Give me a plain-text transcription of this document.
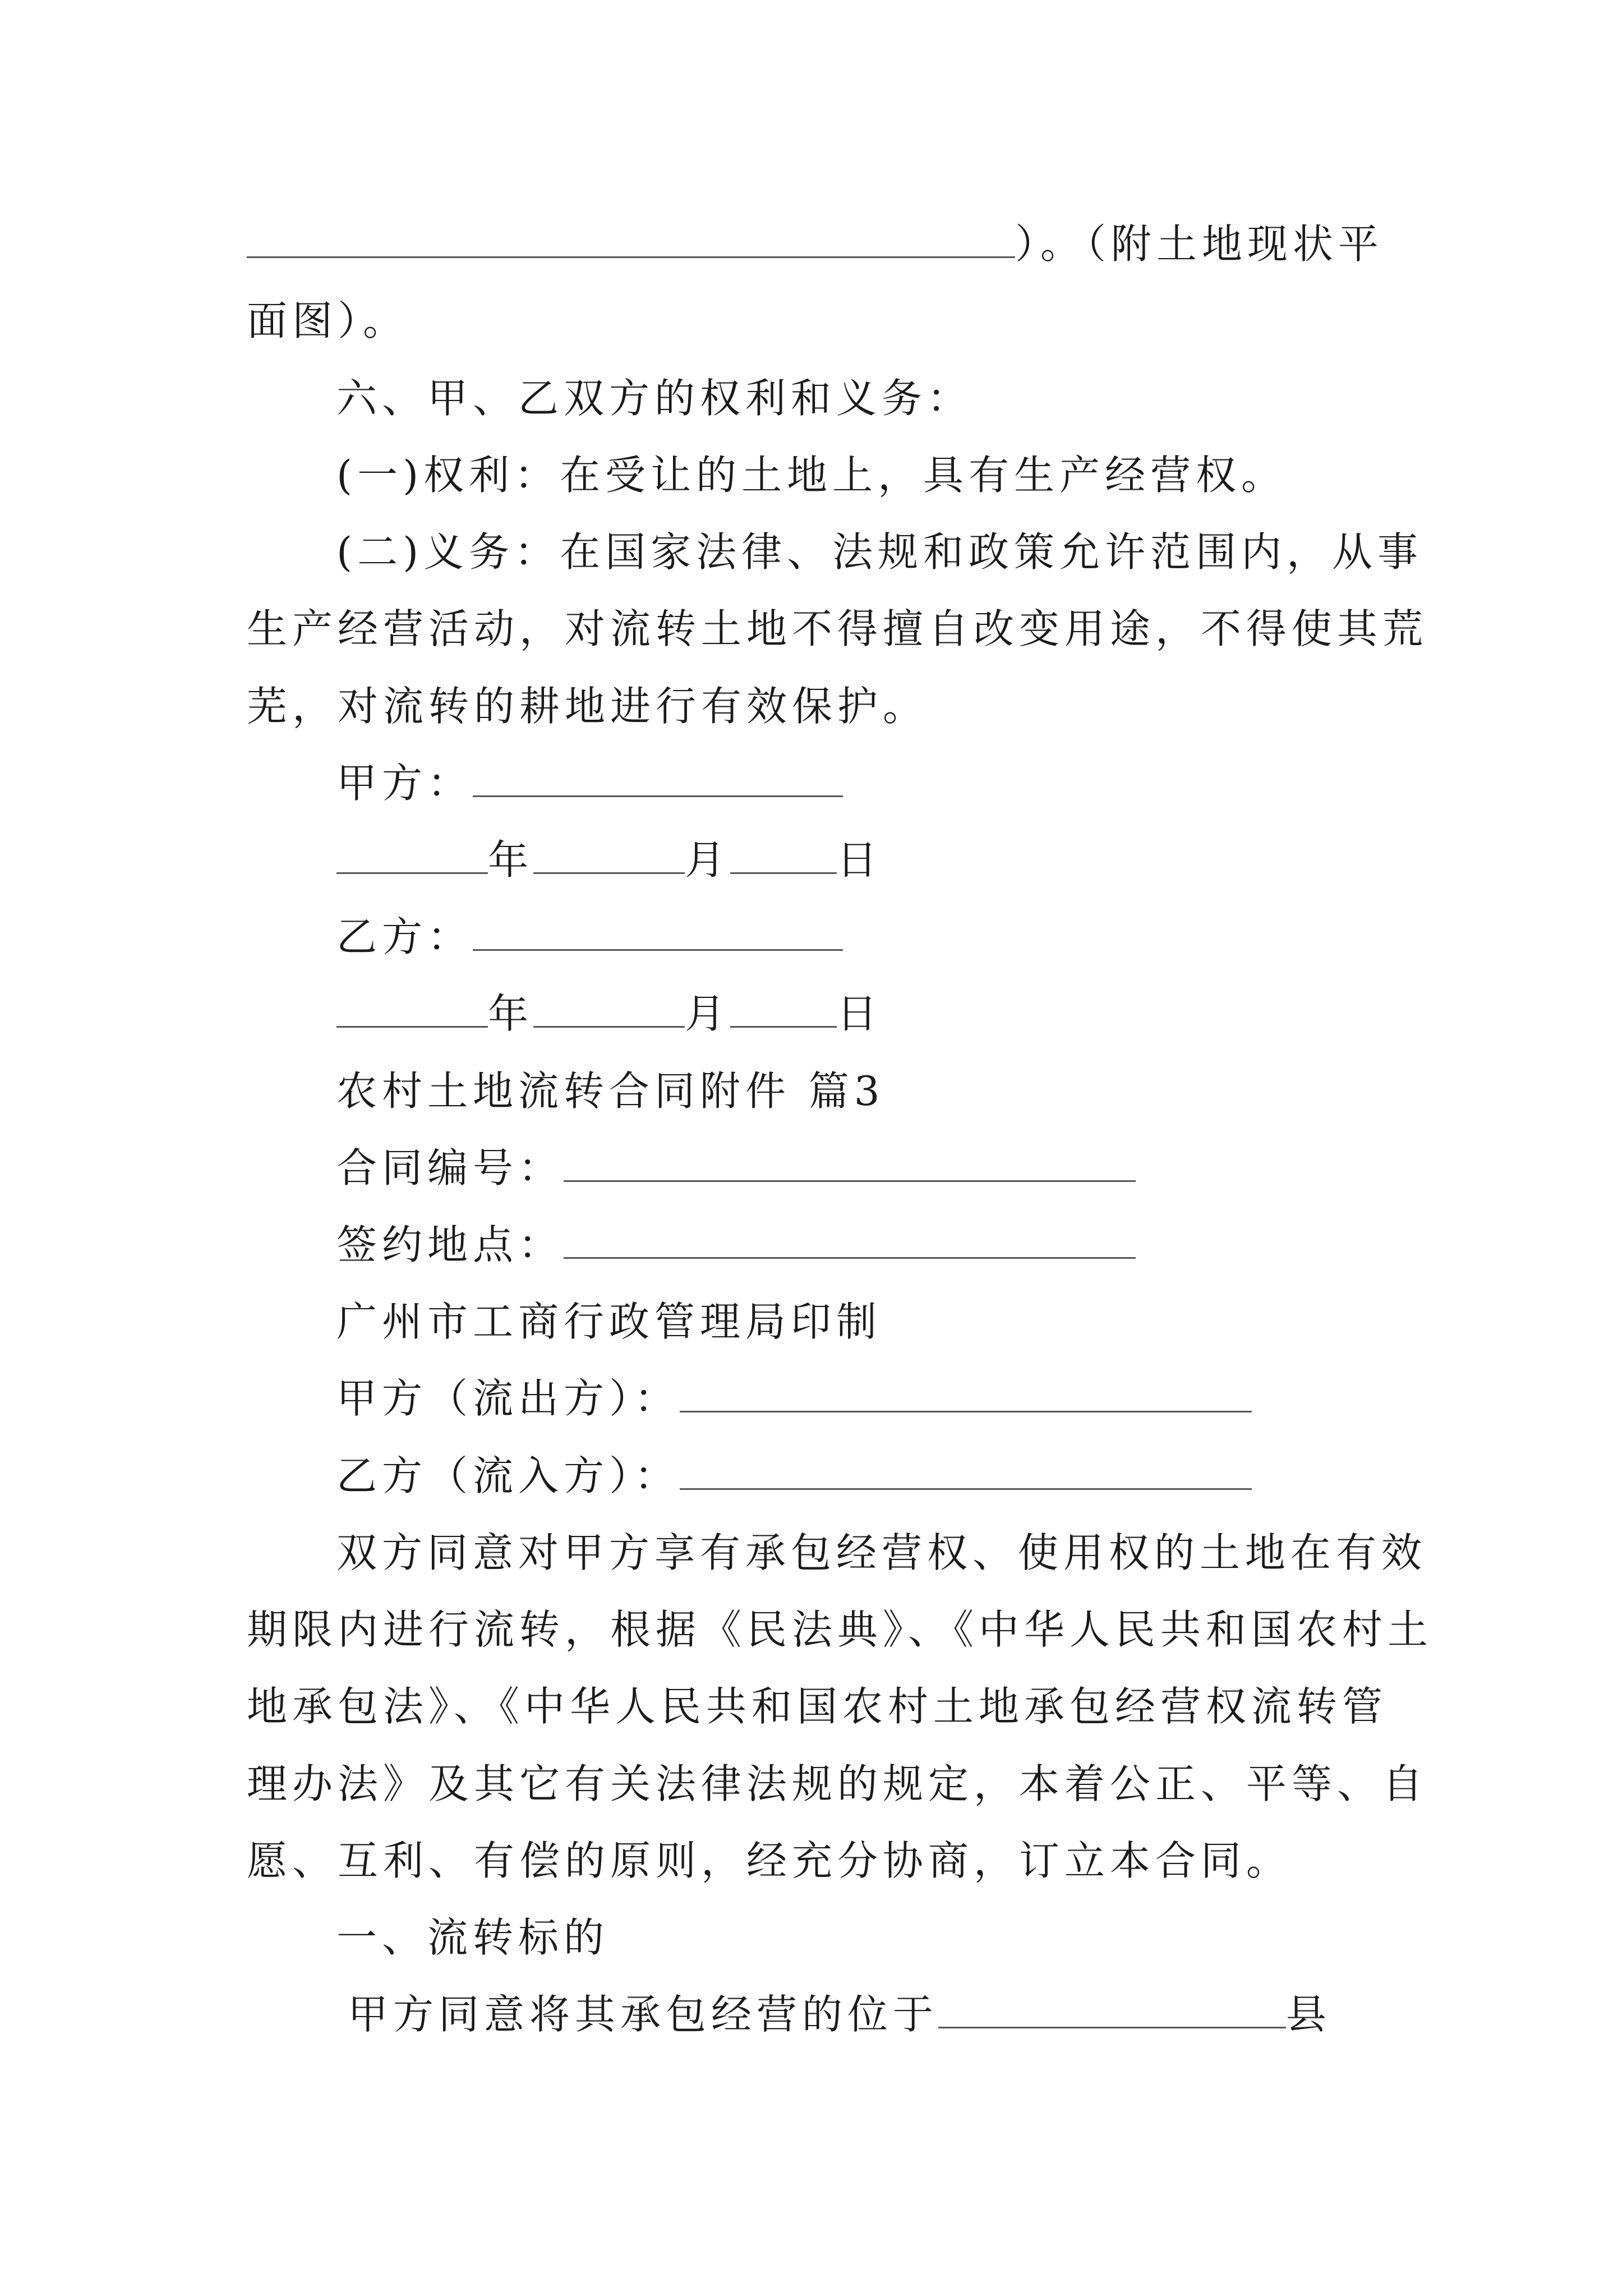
）。（附土地现状平
面图）。
六、甲、乙双方的权利和义务：
(一)权利：在受让的土地上，具有生产经营权。
(二)义务：在国家法律、法规和政策允许范围内，从事
生产经营活动，对流转土地不得擅自改变用途，不得使其荒
芜，对流转的耕地进行有效保护。
甲方：
年	月	日
乙方：
年	月	日
农村土地流转合同附件 篇3
合同编号：
签约地点：
广州市工商行政管理局印制
甲方（流出方）：
乙方（流入方）：
双方同意对甲方享有承包经营权、使用权的土地在有效
期限内进行流转，根据《民法典》、《中华人民共和国农村土
地承包法》、《中华人民共和国农村土地承包经营权流转管
理办法》及其它有关法律法规的规定，本着公正、平等、自
愿、互利、有偿的原则，经充分协商，订立本合同。
一、流转标的
甲方同意将其承包经营的位于	县
